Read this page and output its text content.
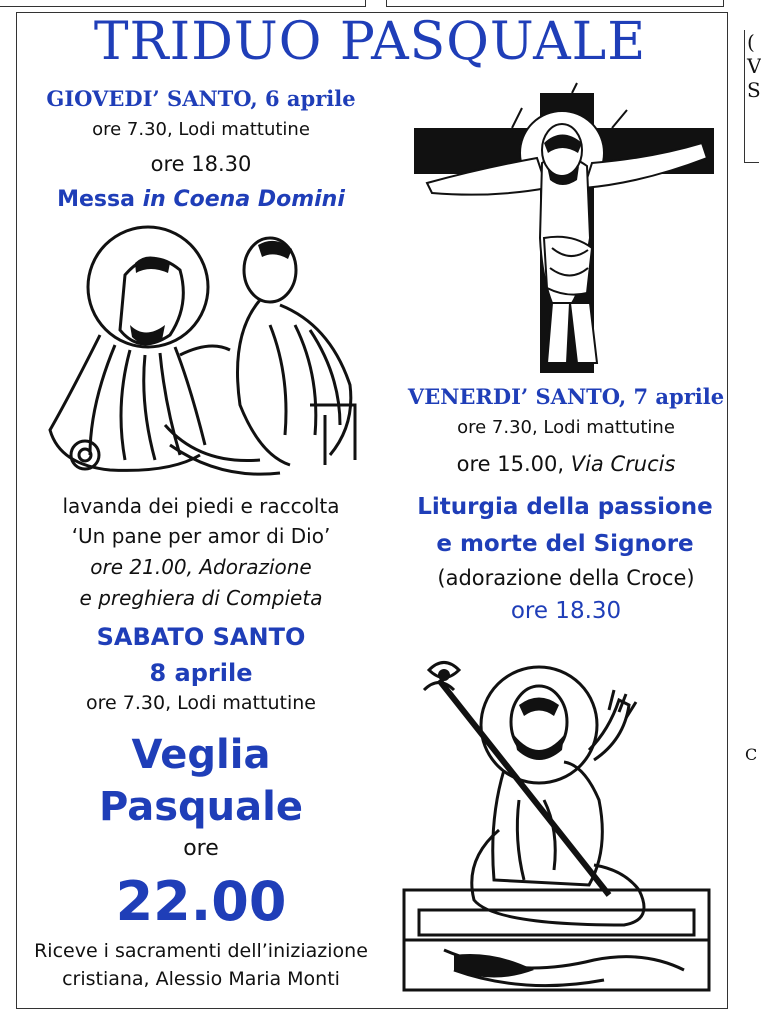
(
V
S
C
TRIDUO PASQUALE
GIOVEDI’ SANTO, 6 aprile
ore 7.30, Lodi mattutine
ore 18.30
Messa in Coena Domini
lavanda dei piedi e raccolta
‘Un pane per amor di Dio’
ore 21.00, Adorazione
e preghiera di Compieta
SABATO SANTO
8 aprile
ore 7.30, Lodi mattutine
Veglia
Pasquale
ore
22.00
Riceve i sacramenti dell’iniziazione
cristiana, Alessio Maria Monti
VENERDI’ SANTO, 7 aprile
ore 7.30, Lodi mattutine
ore 15.00, Via Crucis
Liturgia della passione
e morte del Signore
(adorazione della Croce)
ore 18.30
